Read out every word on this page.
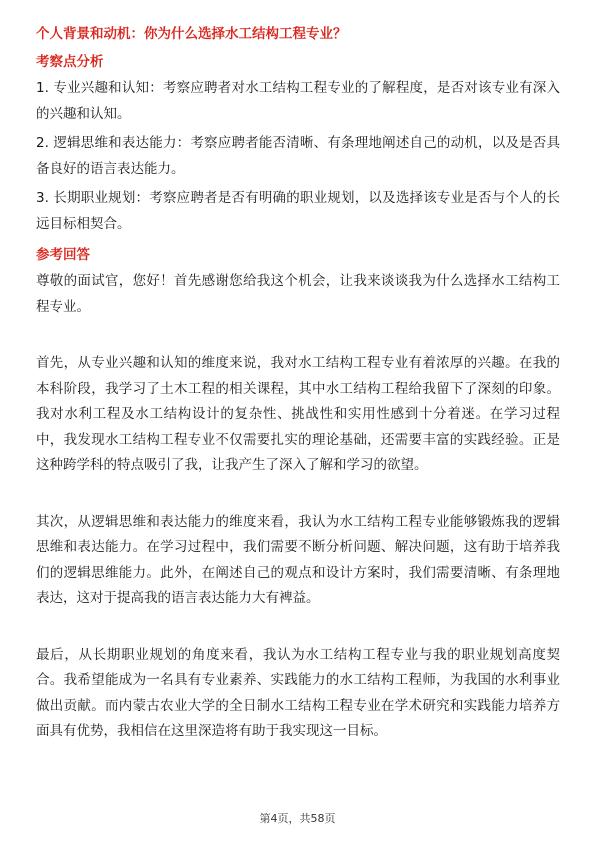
个人背景和动机：你为什么选择水工结构工程专业？
考察点分析

1. 专业兴趣和认知：考察应聘者对水工结构工程专业的了解程度，是否对该专业有深入的兴趣和认知。

2. 逻辑思维和表达能力：考察应聘者能否清晰、有条理地阐述自己的动机，以及是否具备良好的语言表达能力。

3. 长期职业规划：考察应聘者是否有明确的职业规划，以及选择该专业是否与个人的长远目标相契合。

参考回答

尊敬的面试官，您好！首先感谢您给我这个机会，让我来谈谈我为什么选择水工结构工程专业。

首先，从专业兴趣和认知的维度来说，我对水工结构工程专业有着浓厚的兴趣。在我的本科阶段，我学习了土木工程的相关课程，其中水工结构工程给我留下了深刻的印象。我对水利工程及水工结构设计的复杂性、挑战性和实用性感到十分着迷。在学习过程中，我发现水工结构工程专业不仅需要扎实的理论基础，还需要丰富的实践经验。正是这种跨学科的特点吸引了我，让我产生了深入了解和学习的欲望。

其次，从逻辑思维和表达能力的维度来看，我认为水工结构工程专业能够锻炼我的逻辑思维和表达能力。在学习过程中，我们需要不断分析问题、解决问题，这有助于培养我们的逻辑思维能力。此外，在阐述自己的观点和设计方案时，我们需要清晰、有条理地表达，这对于提高我的语言表达能力大有裨益。

最后，从长期职业规划的角度来看，我认为水工结构工程专业与我的职业规划高度契合。我希望能成为一名具有专业素养、实践能力的水工结构工程师，为我国的水利事业做出贡献。而内蒙古农业大学的全日制水工结构工程专业在学术研究和实践能力培养方面具有优势，我相信在这里深造将有助于我实现这一目标。

第4页，共58页
